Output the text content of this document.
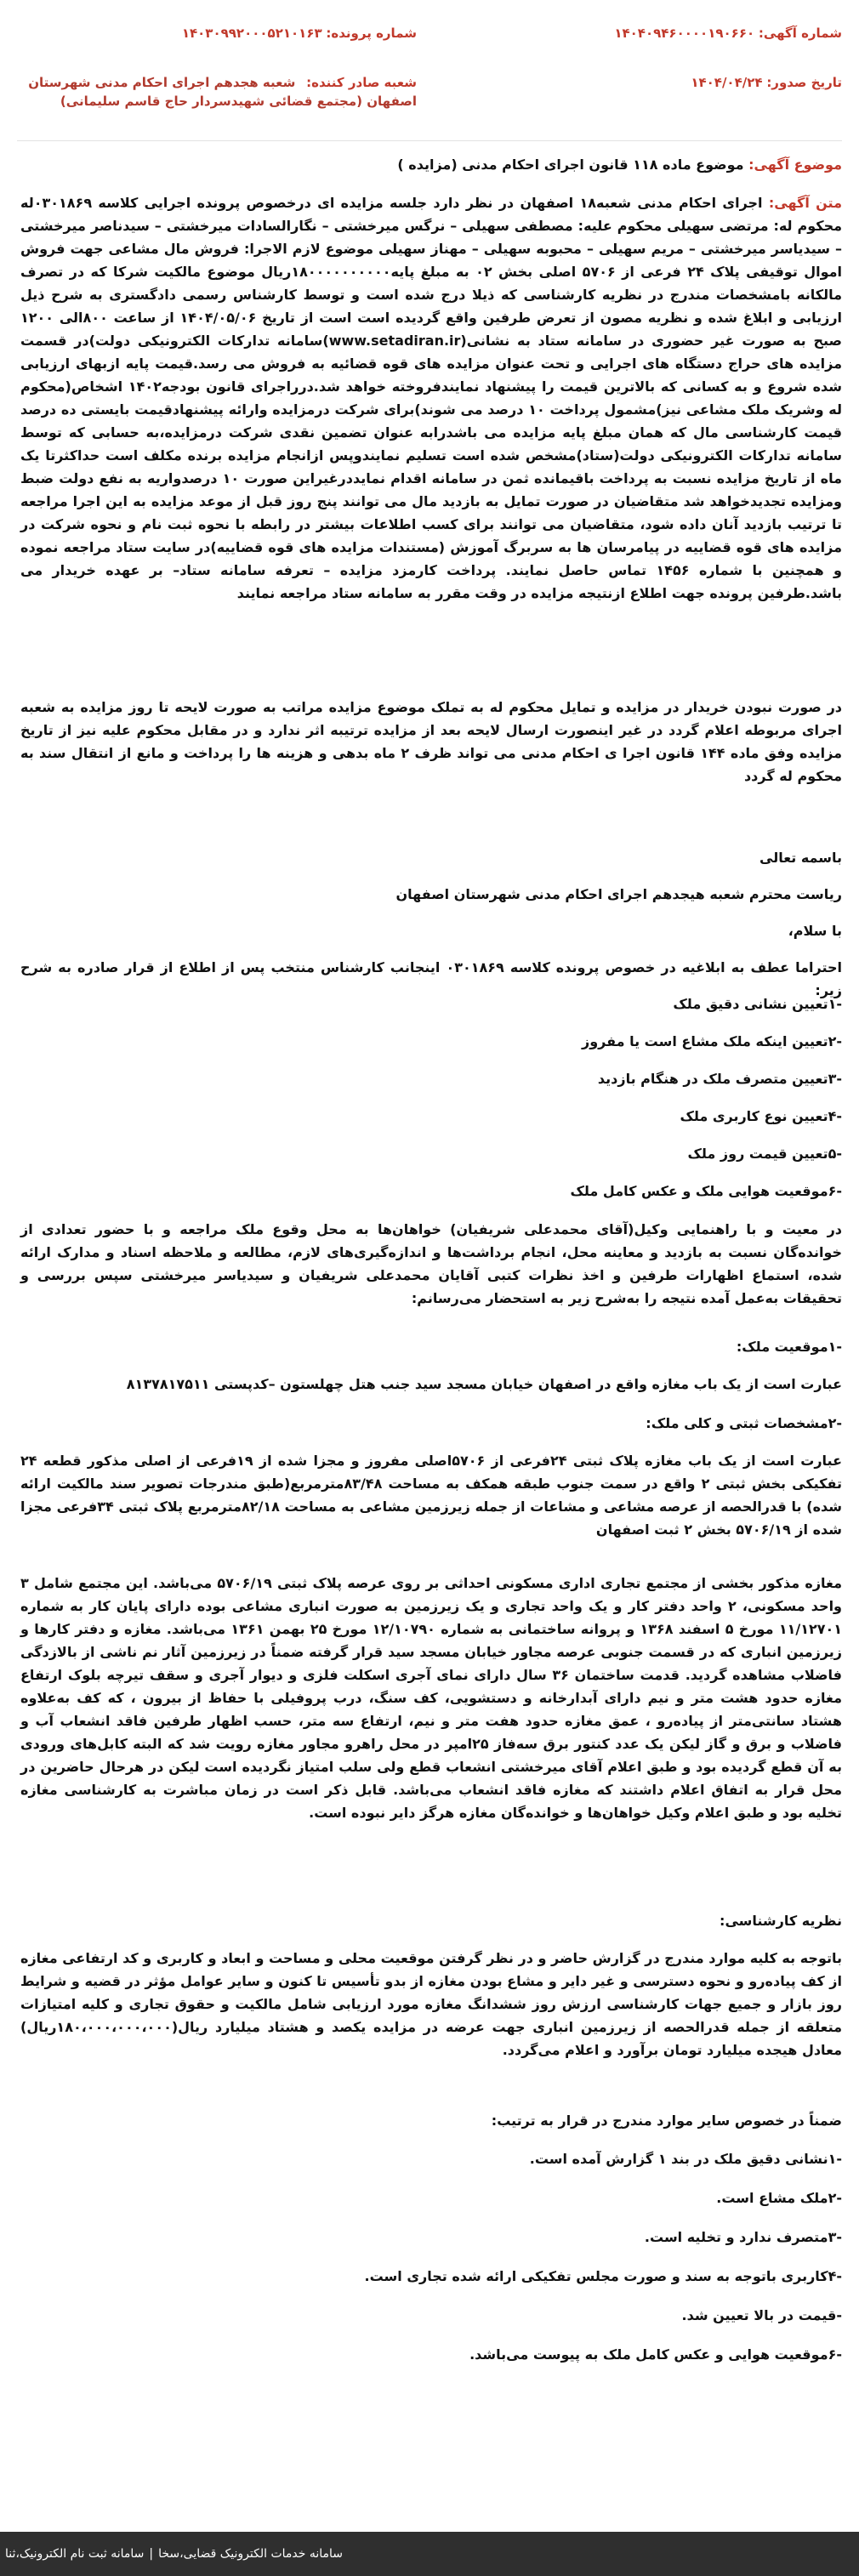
شماره آگهی: ۱۴۰۴۰۹۴۶۰۰۰۰۱۹۰۶۶۰
شماره پرونده: ۱۴۰۳۰۹۹۲۰۰۰۵۲۱۰۱۶۳
تاریخ صدور: ۱۴۰۴/۰۴/۲۴
شعبه صادر کننده: شعبه هجدهم اجرای احکام مدنی شهرستان اصفهان (مجتمع قضائی شهیدسردار حاج قاسم سلیمانی)
موضوع آگهی: موضوع ماده ۱۱۸ قانون اجرای احکام مدنی (مزایده )
متن آگهی: اجرای احکام مدنی شعبه۱۸ اصفهان در نظر دارد جلسه مزایده ای درخصوص پرونده اجرایی کلاسه ۰۳۰۱۸۶۹له محکوم له: مرتضی سهیلی محکوم علیه: مصطفی سهیلی – نرگس میرخشتی – نگارالسادات میرخشتی – سیدناصر میرخشتی – سیدیاسر میرخشتی – مریم سهیلی – محبوبه سهیلی – مهناز سهیلی موضوع لازم الاجرا: فروش مال مشاعی جهت فروش اموال توقیفی پلاک ۲۴ فرعی از ۵۷۰۶ اصلی بخش ۰۲ به مبلغ پایه۱۸۰۰۰۰۰۰۰۰۰۰ریال موضوع مالکیت شرکا که در تصرف مالکانه بامشخصات مندرج در نظریه کارشناسی که ذیلا درج شده است و توسط کارشناس رسمی دادگستری به شرح ذیل ارزیابی و ابلاغ شده و نظریه مصون از تعرض طرفین واقع گردیده است است از تاریخ ۱۴۰۴/۰۵/۰۶ از ساعت ۸۰۰الی ۱۲۰۰ صبح به صورت غیر حضوری در سامانه ستاد به نشانی(www.setadiran.ir)سامانه تدارکات الکترونیکی دولت)در قسمت مزایده های حراج دستگاه های اجرایی و تحت عنوان مزایده های قوه قضائیه به فروش می رسد.قیمت پایه ازبهای ارزیابی شده شروع و به کسانی که بالاترین قیمت را پیشنهاد نمایندفروخته خواهد شد.درراجرای قانون بودجه۱۴۰۲ اشخاص(محکوم له وشریک ملک مشاعی نیز)مشمول پرداخت ۱۰ درصد می شوند)برای شرکت درمزایده وارائه پیشنهادقیمت بایستی ده درصد قیمت کارشناسی مال که همان مبلغ پایه مزایده می باشدرابه عنوان تضمین نقدی شرکت درمزایده،به حسابی که توسط سامانه تدارکات الکترونیکی دولت(ستاد)مشخص شده است تسلیم نمایندوپس ازانجام مزایده برنده مکلف است حداکثرتا یک ماه از تاریخ مزایده نسبت به پرداخت باقیمانده ثمن در سامانه اقدام نمایددرغیراین صورت ۱۰ درصدواریه به نفع دولت ضبط ومزایده تجدیدخواهد شد متقاضیان در صورت تمایل به بازدید مال می توانند پنج روز قبل از موعد مزایده به این اجرا مراجعه تا ترتیب بازدید آنان داده شود، متقاضیان می توانند برای کسب اطلاعات بیشتر در رابطه با نحوه ثبت نام و نحوه شرکت در مزایده های قوه قضاییه در پیامرسان ها به سربرگ آموزش (مستندات مزایده های قوه قضاییه)در سایت ستاد مراجعه نموده و همچنین با شماره ۱۴۵۶ تماس حاصل نمایند. پرداخت کارمزد مزایده – تعرفه سامانه ستاد– بر عهده خریدار می باشد.طرفین پرونده جهت اطلاع ازنتیجه مزایده در وقت مقرر به سامانه ستاد مراجعه نمایند
در صورت نبودن خریدار در مزایده و تمایل محکوم له به تملک موضوع مزایده مراتب به صورت لایحه تا روز مزایده به شعبه اجرای مربوطه اعلام گردد در غیر اینصورت ارسال لایحه بعد از مزایده ترتیبه اثر ندارد و در مقابل محکوم علیه نیز از تاریخ مزایده وفق ماده ۱۴۴ قانون اجرا ی احکام مدنی می تواند ظرف ۲ ماه بدهی و هزینه ها را پرداخت و مانع از انتقال سند به محکوم له گردد
باسمه تعالی
ریاست محترم شعبه هیجدهم اجرای احکام مدنی شهرستان اصفهان
با سلام،
احتراما عطف به ابلاغیه در خصوص پرونده کلاسه ۰۳۰۱۸۶۹ اینجانب کارشناس منتخب پس از اطلاع از قرار صادره به شرح زیر:
-۱تعیین نشانی دقیق ملک
-۲تعیین اینکه ملک مشاع است یا مفروز
-۳تعیین متصرف ملک در هنگام بازدید
-۴تعیین نوع کاربری ملک
-۵تعیین قیمت روز ملک
-۶موقعیت هوایی ملک و عکس کامل ملک
در معیت و با راهنمایی وکیل(آقای محمدعلی شریفیان) خواهان‌ها به محل وقوع ملک مراجعه و با حضور تعدادی از خوانده‌گان نسبت به بازدید و معاینه محل، انجام برداشت‌ها و اندازه‌گیری‌های لازم، مطالعه و ملاحظه اسناد و مدارک ارائه شده، استماع اظهارات طرفین و اخذ نظرات کتبی آقایان محمدعلی شریفیان و سیدیاسر میرخشتی سپس بررسی و تحقیقات به‌عمل آمده نتیجه را به‌شرح زیر به استحضار می‌رسانم:
-۱موقعیت ملک:
عبارت است از یک باب مغازه واقع در اصفهان خیابان مسجد سید جنب هتل چهلستون –کدپستی ۸۱۳۷۸۱۷۵۱۱
-۲مشخصات ثبتی و کلی ملک:
عبارت است از یک باب مغازه پلاک ثبتی ۲۴فرعی از ۵۷۰۶اصلی مفروز و مجزا شده از ۱۹فرعی از اصلی مذکور قطعه ۲۴ تفکیکی بخش ثبتی ۲ واقع در سمت جنوب طبقه همکف به مساحت ۸۳/۴۸مترمربع(طبق مندرجات تصویر سند مالکیت ارائه شده) با قدرالحصه از عرصه مشاعی و مشاعات از جمله زیرزمین مشاعی به مساحت ۸۲/۱۸مترمربع پلاک ثبتی ۳۴فرعی مجزا شده از ۵۷۰۶/۱۹ بخش ۲ ثبت اصفهان
مغازه مذکور بخشی از مجتمع تجاری اداری مسکونی احداثی بر روی عرصه پلاک ثبتی ۵۷۰۶/۱۹ می‌باشد. این مجتمع شامل ۳ واحد مسکونی، ۲ واحد دفتر کار و یک واحد تجاری و یک زیرزمین به صورت انباری مشاعی بوده دارای پایان کار به شماره ۱۱/۱۲۷۰۱ مورخ ۵ اسفند ۱۳۶۸ و پروانه ساختمانی به شماره ۱۲/۱۰۷۹۰ مورخ ۲۵ بهمن ۱۳۶۱ می‌باشد. مغازه و دفتر کارها و زیرزمین انباری که در قسمت جنوبی عرصه مجاور خیابان مسجد سید قرار گرفته ضمناً در زیرزمین آثار نم ناشی از بالازدگی فاضلاب مشاهده گردید. قدمت ساختمان ۳۶ سال دارای نمای آجری اسکلت فلزی و دیوار آجری و سقف تیرچه بلوک ارتفاع مغازه حدود هشت متر و نیم دارای آبدارخانه و دستشویی، کف سنگ، درب پروفیلی با حفاظ از بیرون ، که کف به‌علاوه هشتاد سانتی‌متر از پیاده‌رو ، عمق مغازه حدود هفت متر و نیم، ارتفاع سه متر، حسب اظهار طرفین فاقد انشعاب آب و فاضلاب و برق و گاز لیکن یک عدد کنتور برق سه‌فاز ۲۵امپر در محل راهرو مجاور مغازه رویت شد که البته کابل‌های ورودی به آن قطع گردیده بود و طبق اعلام آقای میرخشتی انشعاب قطع ولی سلب امتیاز نگردیده است لیکن در هرحال حاضرین در محل قرار به اتفاق اعلام داشتند که مغازه فاقد انشعاب می‌باشد. قابل ذکر است در زمان مباشرت به کارشناسی مغازه تخلیه بود و طبق اعلام وکیل خواهان‌ها و خوانده‌گان مغازه هرگز دایر نبوده است.
نظریه کارشناسی:
باتوجه به کلیه موارد مندرج در گزارش حاضر و در نظر گرفتن موقعیت محلی و مساحت و ابعاد و کاربری و کد ارتفاعی مغازه از کف پیاده‌رو و نحوه دسترسی و غیر دایر و مشاع بودن مغازه از بدو تأسیس تا کنون و سایر عوامل مؤثر در قضیه و شرایط روز بازار و جمیع جهات کارشناسی ارزش روز ششدانگ مغازه مورد ارزیابی شامل مالکیت و حقوق تجاری و کلیه امتیازات متعلقه از جمله قدرالحصه از زیرزمین انباری جهت عرضه در مزایده یکصد و هشتاد میلیارد ریال(۱۸۰،۰۰۰،۰۰۰،۰۰۰ریال) معادل هیجده میلیارد تومان برآورد و اعلام می‌گردد.
ضمناً در خصوص سایر موارد مندرج در قرار به ترتیب:
-۱نشانی دقیق ملک در بند ۱ گزارش آمده است.
-۲ملک مشاع است.
-۳متصرف ندارد و تخلیه است.
-۴کاربری باتوجه به سند و صورت مجلس تفکیکی ارائه شده تجاری است.
-قیمت در بالا تعیین شد.
-۶موقعیت هوایی و عکس کامل ملک به پیوست می‌باشد.
سامانه خدمات الکترونیک قضایی،سخا
|
سامانه ثبت نام الکترونیک،ثنا
